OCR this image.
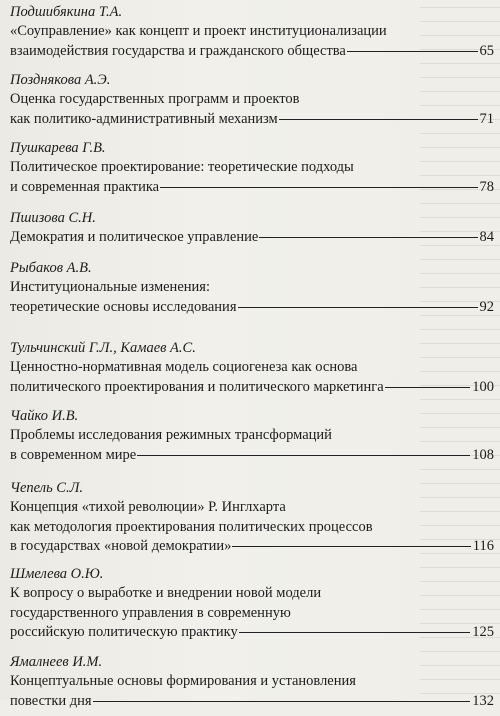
Подшибякина Т.А.
«Соуправление» как концепт и проект институционализации
взаимодействия государства и гражданского общества	65
Позднякова А.Э.
Оценка государственных программ и проектов
как политико-административный механизм	71
Пушкарева Г.В.
Политическое проектирование: теоретические подходы
и современная практика	78
Пшизова С.Н.
Демократия и политическое управление	84
Рыбаков А.В.
Институциональные изменения:
теоретические основы исследования	92
Тульчинский Г.Л., Камаев А.С.
Ценностно-нормативная модель социогенеза как основа
политического проектирования и политического маркетинга	100
Чайко И.В.
Проблемы исследования режимных трансформаций
в современном мире	108
Чепель С.Л.
Концепция «тихой революции» Р. Инглхарта
как методология проектирования политических процессов
в государствах «новой демократии»	116
Шмелева О.Ю.
К вопросу о выработке и внедрении новой модели
государственного управления в современную
российскую политическую практику	125
Ямалнеев И.М.
Концептуальные основы формирования и установления
повестки дня	132
